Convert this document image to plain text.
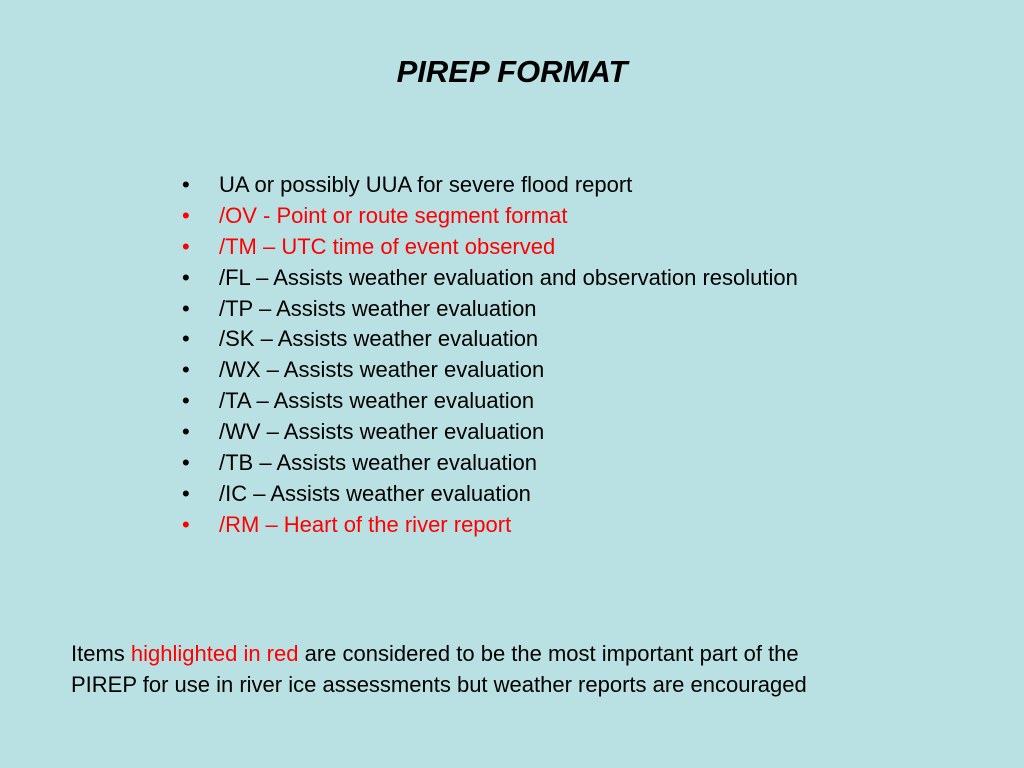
PIREP FORMAT
•	UA or possibly UUA for severe flood report
•	/OV - Point or route segment format
•	/TM – UTC time of event observed
•	/FL – Assists weather evaluation and observation resolution
•	/TP – Assists weather evaluation
•	/SK – Assists weather evaluation
•	/WX – Assists weather evaluation
•	/TA – Assists weather evaluation
•	/WV – Assists weather evaluation
•	/TB – Assists weather evaluation
•	/IC – Assists weather evaluation
•	/RM – Heart of the river report

Items highlighted in red are considered to be the most important part of the
PIREP for use in river ice assessments but weather reports are encouraged
